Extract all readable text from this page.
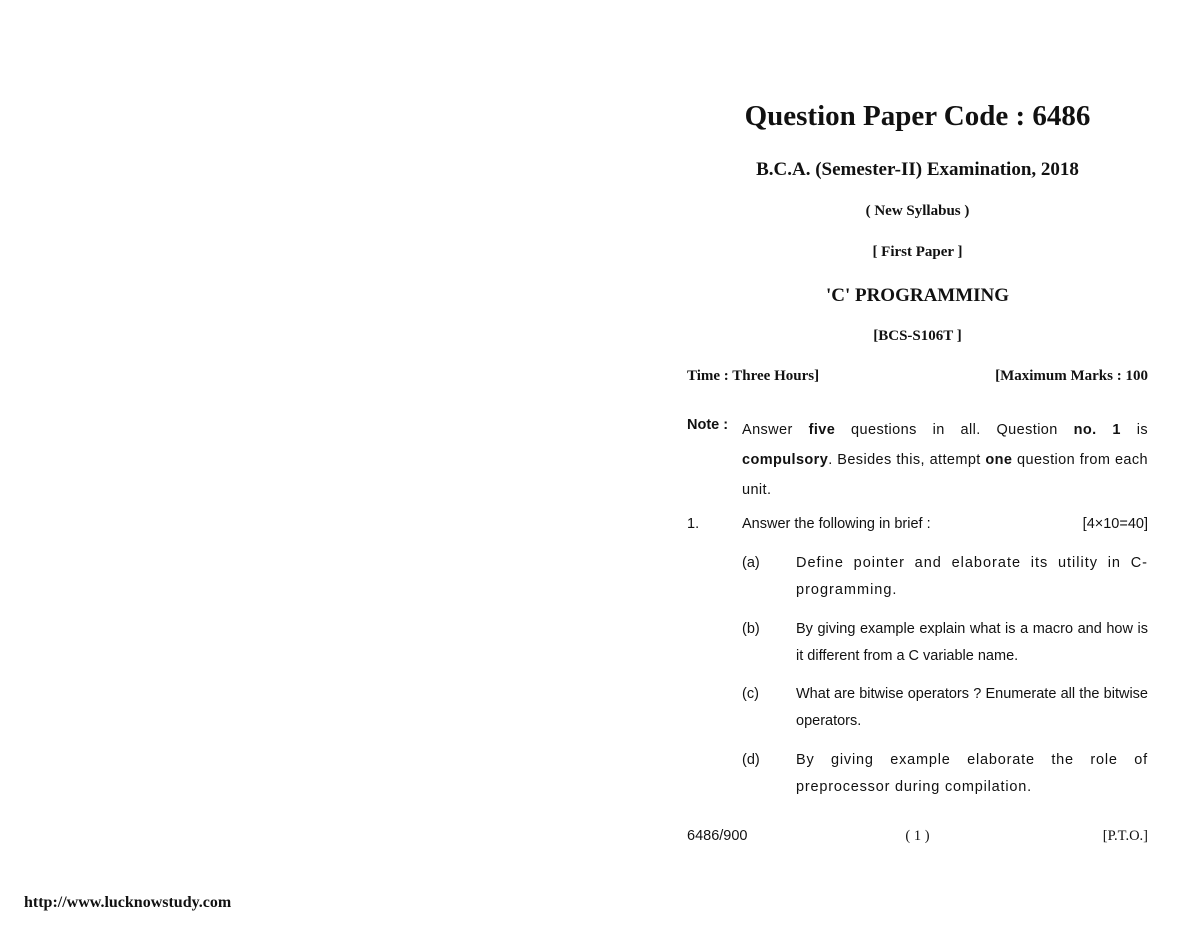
Question Paper Code : 6486
B.C.A. (Semester-II) Examination, 2018
( New Syllabus )
[ First Paper ]
'C' PROGRAMMING
[BCS-S106T ]
Time : Three Hours]	[Maximum Marks : 100
Note : Answer five questions in all. Question no. 1 is compulsory. Besides this, attempt one question from each unit.
1.	Answer the following in brief :	[4×10=40]
(a)	Define pointer and elaborate its utility in C-programming.
(b)	By giving example explain what is a macro and how is it different from a C variable name.
(c)	What are bitwise operators ? Enumerate all the bitwise operators.
(d)	By giving example elaborate the role of preprocessor during compilation.
6486/900	( 1 )	[P.T.O.]
http://www.lucknowstudy.com
